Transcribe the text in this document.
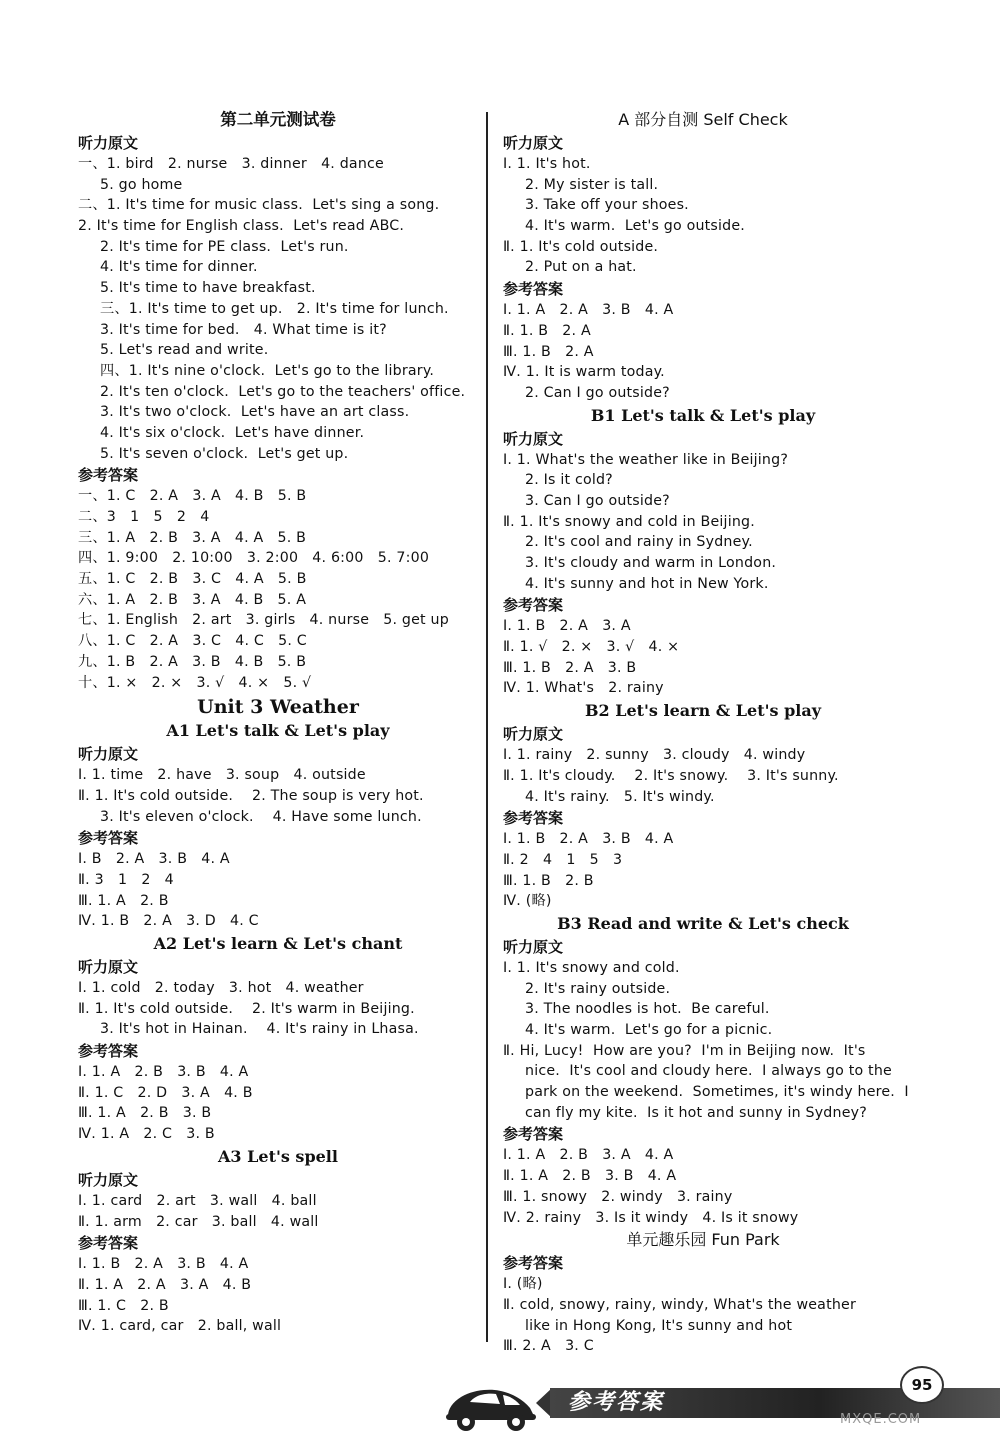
第二单元测试卷
听力原文
一、1. bird   2. nurse   3. dinner   4. dance
5. go home
二、1. It's time for music class.  Let's sing a song.
2. It's time for English class.  Let's read ABC.
2. It's time for PE class.  Let's run.
4. It's time for dinner.
5. It's time to have breakfast.
三、1. It's time to get up.   2. It's time for lunch.
3. It's time for bed.   4. What time is it?
5. Let's read and write.
四、1. It's nine o'clock.  Let's go to the library.
2. It's ten o'clock.  Let's go to the teachers' office.
3. It's two o'clock.  Let's have an art class.
4. It's six o'clock.  Let's have dinner.
5. It's seven o'clock.  Let's get up.
参考答案
一、1. C   2. A   3. A   4. B   5. B
二、3   1   5   2   4
三、1. A   2. B   3. A   4. A   5. B
四、1. 9:00   2. 10:00   3. 2:00   4. 6:00   5. 7:00
五、1. C   2. B   3. C   4. A   5. B
六、1. A   2. B   3. A   4. B   5. A
七、1. English   2. art   3. girls   4. nurse   5. get up
八、1. C   2. A   3. C   4. C   5. C
九、1. B   2. A   3. B   4. B   5. B
十、1. ×   2. ×   3. √   4. ×   5. √
Unit 3 Weather
A1 Let's talk & Let's play
听力原文
Ⅰ. 1. time   2. have   3. soup   4. outside
Ⅱ. 1. It's cold outside.    2. The soup is very hot.
3. It's eleven o'clock.    4. Have some lunch.
参考答案
Ⅰ. B   2. A   3. B   4. A
Ⅱ. 3   1   2   4
Ⅲ. 1. A   2. B
Ⅳ. 1. B   2. A   3. D   4. C
A2 Let's learn & Let's chant
听力原文
Ⅰ. 1. cold   2. today   3. hot   4. weather
Ⅱ. 1. It's cold outside.    2. It's warm in Beijing.
3. It's hot in Hainan.    4. It's rainy in Lhasa.
参考答案
Ⅰ. 1. A   2. B   3. B   4. A
Ⅱ. 1. C   2. D   3. A   4. B
Ⅲ. 1. A   2. B   3. B
Ⅳ. 1. A   2. C   3. B
A3 Let's spell
听力原文
Ⅰ. 1. card   2. art   3. wall   4. ball
Ⅱ. 1. arm   2. car   3. ball   4. wall
参考答案
Ⅰ. 1. B   2. A   3. B   4. A
Ⅱ. 1. A   2. A   3. A   4. B
Ⅲ. 1. C   2. B
Ⅳ. 1. card, car   2. ball, wall
A 部分自测 Self Check
听力原文
Ⅰ. 1. It's hot.
2. My sister is tall.
3. Take off your shoes.
4. It's warm.  Let's go outside.
Ⅱ. 1. It's cold outside.
2. Put on a hat.
参考答案
Ⅰ. 1. A   2. A   3. B   4. A
Ⅱ. 1. B   2. A
Ⅲ. 1. B   2. A
Ⅳ. 1. It is warm today.
2. Can I go outside?
B1 Let's talk & Let's play
听力原文
Ⅰ. 1. What's the weather like in Beijing?
2. Is it cold?
3. Can I go outside?
Ⅱ. 1. It's snowy and cold in Beijing.
2. It's cool and rainy in Sydney.
3. It's cloudy and warm in London.
4. It's sunny and hot in New York.
参考答案
Ⅰ. 1. B   2. A   3. A
Ⅱ. 1. √   2. ×   3. √   4. ×
Ⅲ. 1. B   2. A   3. B
Ⅳ. 1. What's   2. rainy
B2 Let's learn & Let's play
听力原文
Ⅰ. 1. rainy   2. sunny   3. cloudy   4. windy
Ⅱ. 1. It's cloudy.    2. It's snowy.    3. It's sunny.
4. It's rainy.   5. It's windy.
参考答案
Ⅰ. 1. B   2. A   3. B   4. A
Ⅱ. 2   4   1   5   3
Ⅲ. 1. B   2. B
Ⅳ. (略)
B3 Read and write & Let's check
听力原文
Ⅰ. 1. It's snowy and cold.
2. It's rainy outside.
3. The noodles is hot.  Be careful.
4. It's warm.  Let's go for a picnic.
Ⅱ. Hi, Lucy!  How are you?  I'm in Beijing now.  It's
nice.  It's cool and cloudy here.  I always go to the
park on the weekend.  Sometimes, it's windy here.  I
can fly my kite.  Is it hot and sunny in Sydney?
参考答案
Ⅰ. 1. A   2. B   3. A   4. A
Ⅱ. 1. A   2. B   3. B   4. A
Ⅲ. 1. snowy   2. windy   3. rainy
Ⅳ. 2. rainy   3. Is it windy   4. Is it snowy
单元趣乐园 Fun Park
参考答案
Ⅰ. (略)
Ⅱ. cold, snowy, rainy, windy, What's the weather
like in Hong Kong, It's sunny and hot
Ⅲ. 2. A   3. C
参考答案
95
MXQE.COM
